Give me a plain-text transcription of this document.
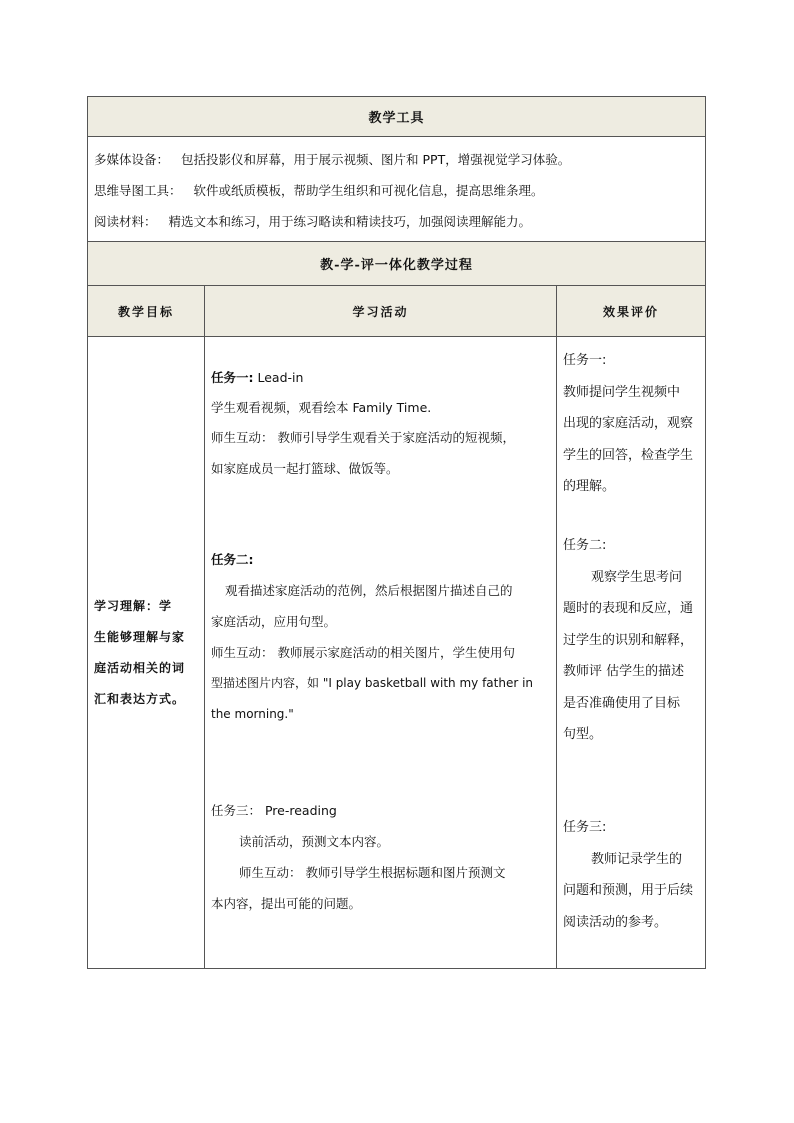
教学工具
多媒体设备： 包括投影仪和屏幕，用于展示视频、图片和 PPT，增强视觉学习体验。
思维导图工具： 软件或纸质模板，帮助学生组织和可视化信息，提高思维条理。
阅读材料： 精选文本和练习，用于练习略读和精读技巧，加强阅读理解能力。
教-学-评一体化教学过程
教学目标	学习活动	效果评价
学习理解：学
生能够理解与家
庭活动相关的词
汇和表达方式。

任务一: Lead-in

学生观看视频，观看绘本 Family Time.

师生互动： 教师引导学生观看关于家庭活动的短视频，

如家庭成员一起打篮球、做饭等。

任务二:

观看描述家庭活动的范例，然后根据图片描述自己的

家庭活动，应用句型。

师生互动： 教师展示家庭活动的相关图片，学生使用句

型描述图片内容，如 "I play basketball with my father in

the morning."

任务三： Pre-reading

读前活动，预测文本内容。

师生互动： 教师引导学生根据标题和图片预测文

本内容，提出可能的问题。

任务一:

教师提问学生视频中

出现的家庭活动，观察

学生的回答，检查学生

的理解。

任务二:

观察学生思考问

题时的表现和反应，通

过学生的识别和解释，

教师评 估学生的描述

是否准确使用了目标

句型。

任务三:

教师记录学生的

问题和预测，用于后续

阅读活动的参考。
